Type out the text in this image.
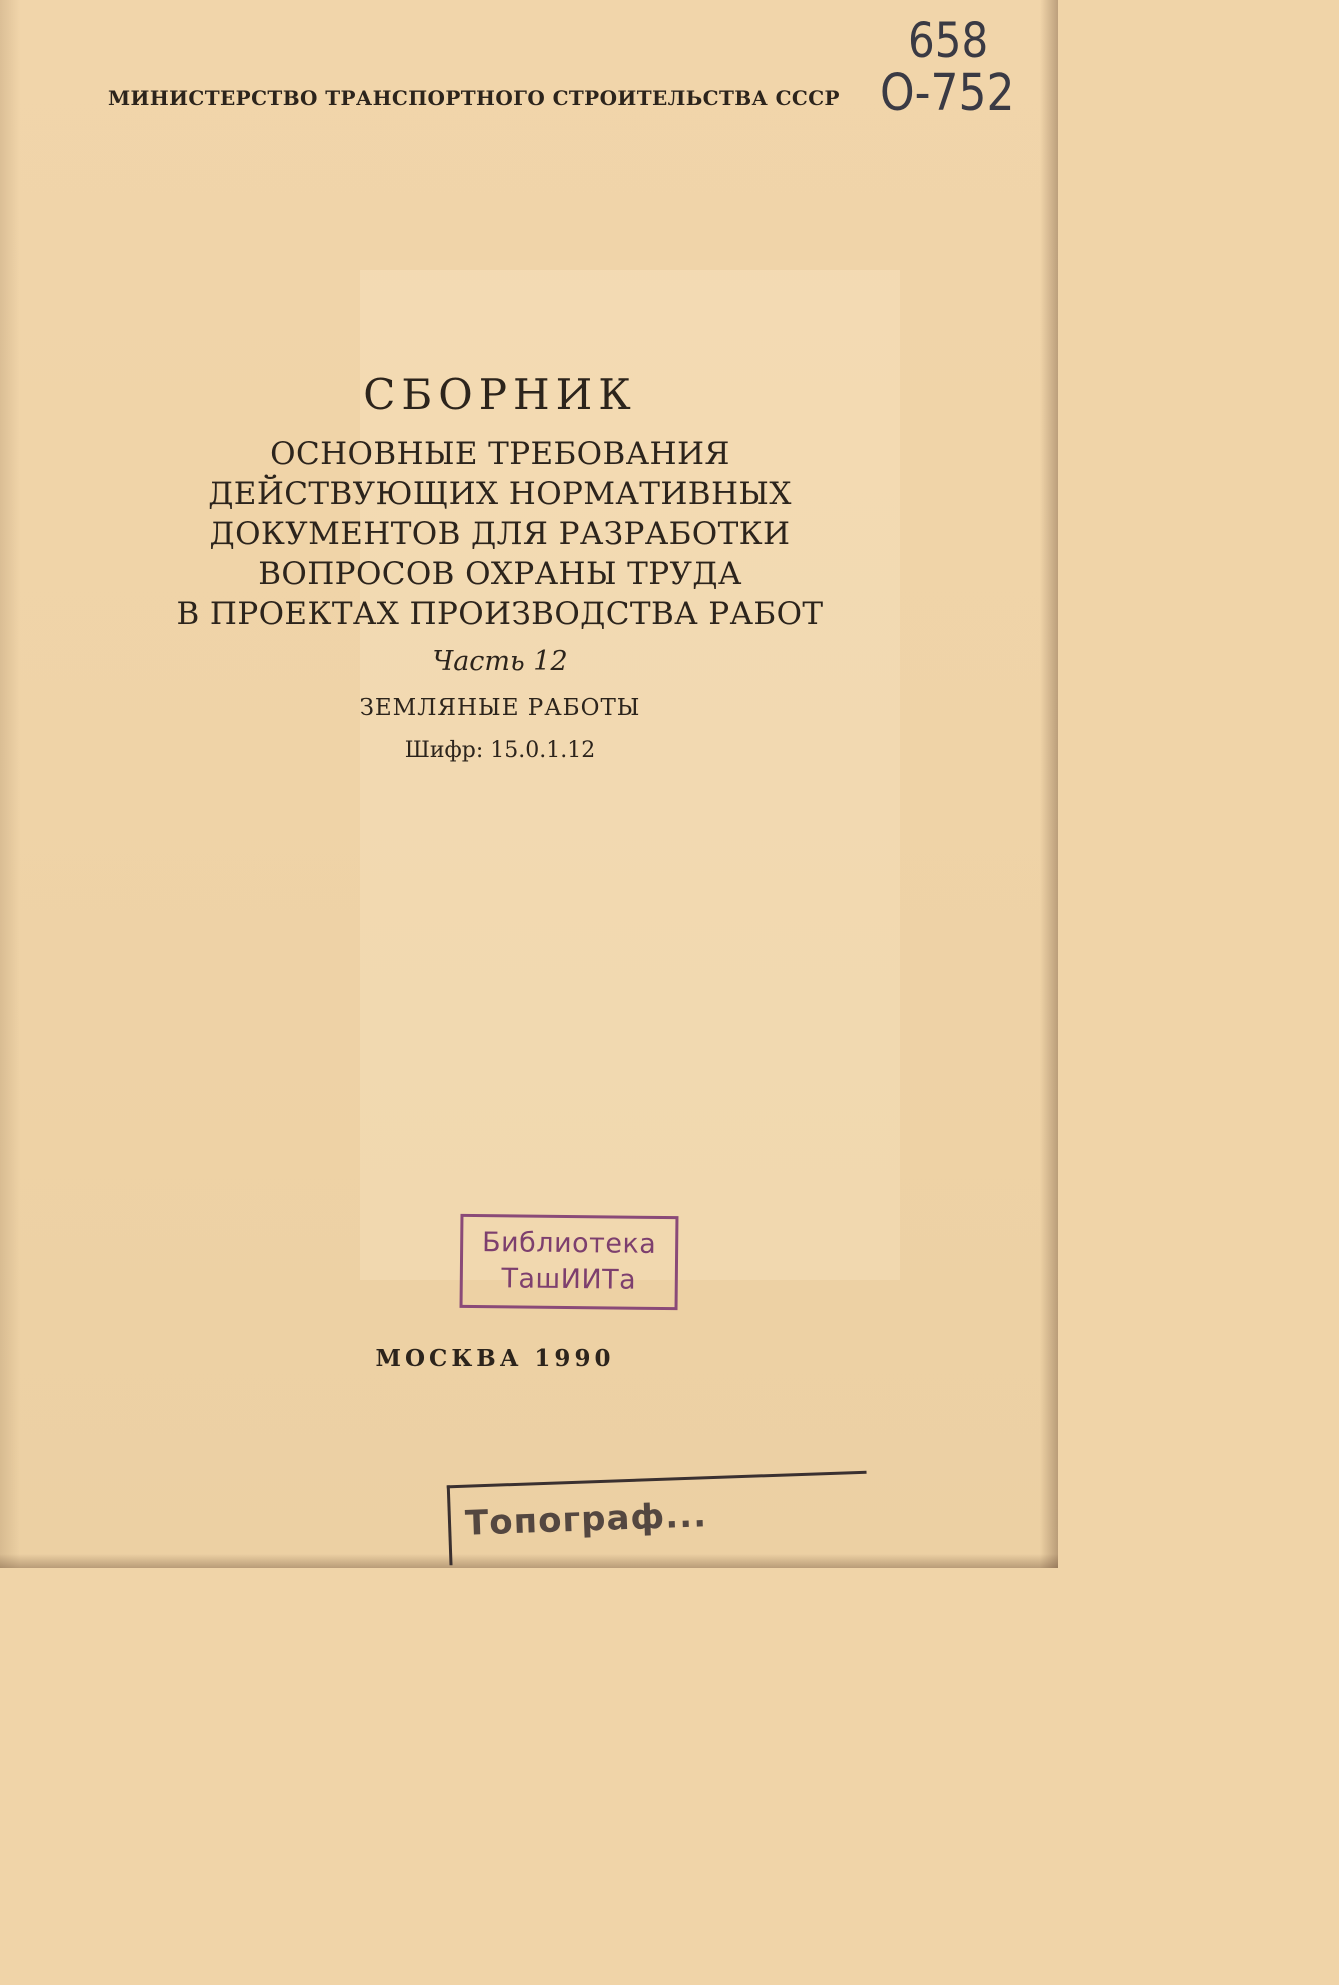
МИНИСТЕРСТВО ТРАНСПОРТНОГО СТРОИТЕЛЬСТВА СССР
658
О-752
СБОРНИК
ОСНОВНЫЕ ТРЕБОВАНИЯ
ДЕЙСТВУЮЩИХ НОРМАТИВНЫХ
ДОКУМЕНТОВ ДЛЯ РАЗРАБОТКИ
ВОПРОСОВ ОХРАНЫ ТРУДА
В ПРОЕКТАХ ПРОИЗВОДСТВА РАБОТ
Часть 12
ЗЕМЛЯНЫЕ РАБОТЫ
Шифр: 15.0.1.12
Библиотека
ТашИИТа
МОСКВА 1990
Топограф...
